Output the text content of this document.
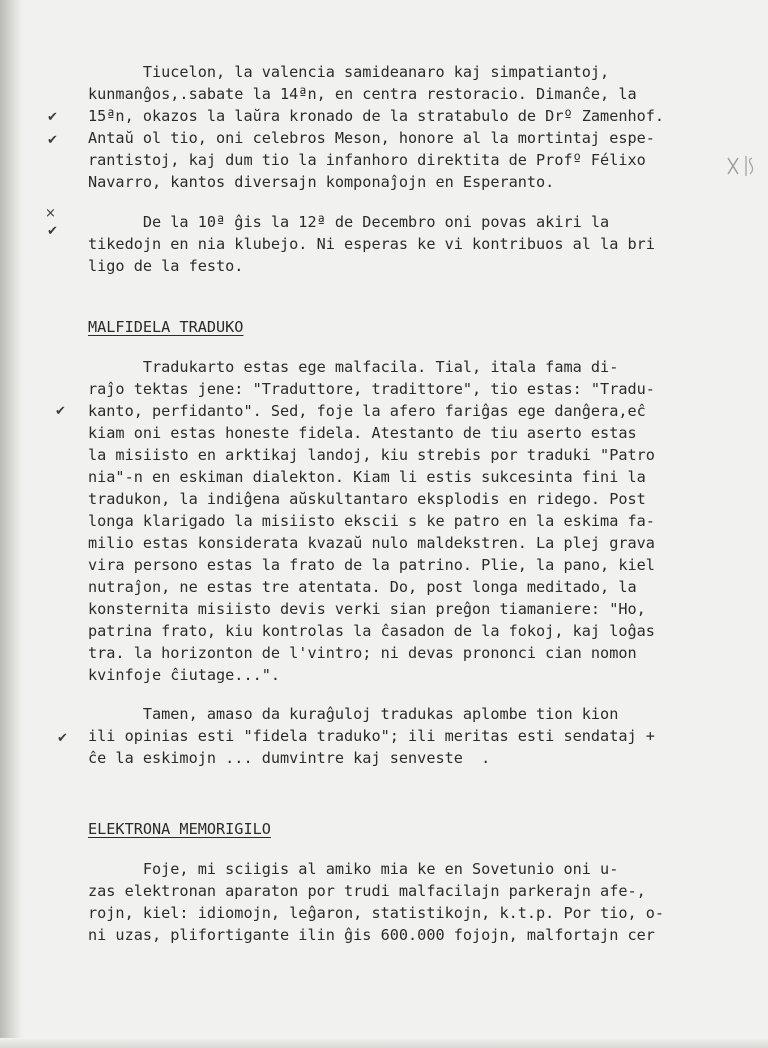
Tiucelon, la valencia samideanaro kaj simpatiantoj,
kunmanĝos,.sabate la 14ªn, en centra restoracio. Dimanĉe, la
15ªn, okazos la laŭra kronado de la stratabulo de Drº Zamenhof.
Antaŭ ol tio, oni celebros Meson, honore al la mortintaj espe-
rantistoj, kaj dum tio la infanhoro direktita de Profº Félixo
Navarro, kantos diversajn komponaĵojn en Esperanto.
De la 10ª ĝis la 12ª de Decembro oni povas akiri la
tikedojn en nia klubejo. Ni esperas ke vi kontribuos al la bri
ligo de la festo.
MALFIDELA TRADUKO
Tradukarto estas ege malfacila. Tial, itala fama di-
raĵo tektas jene: "Traduttore, tradittore", tio estas: "Tradu-
kanto, perfidanto". Sed, foje la afero fariĝas ege danĝera,eĉ
kiam oni estas honeste fidela. Atestanto de tiu aserto estas
la misiisto en arktikaj landoj, kiu strebis por traduki "Patro
nia"-n en eskiman dialekton. Kiam li estis sukcesinta fini la
tradukon, la indiĝena aŭskultantaro eksplodis en ridego. Post
longa klarigado la misiisto ekscii s ke patro en la eskima fa-
milio estas konsiderata kvazaŭ nulo maldekstren. La plej grava
vira persono estas la frato de la patrino. Plie, la pano, kiel
nutraĵon, ne estas tre atentata. Do, post longa meditado, la
konsternita misiisto devis verki sian preĝon tiamaniere: "Ho,
patrina frato, kiu kontrolas la ĉasadon de la fokoj, kaj loĝas
tra. la horizonton de l'vintro; ni devas prononci cian nomon
kvinfoje ĉiutage...".
Tamen, amaso da kuraĝuloj tradukas aplombe tion kion
ili opinias esti "fidela traduko"; ili meritas esti sendataj +
ĉe la eskimojn ... dumvintre kaj senveste  .
ELEKTRONA MEMORIGILO
Foje, mi sciigis al amiko mia ke en Sovetunio oni u-
zas elektronan aparaton por trudi malfacilajn parkerajn afe-,
rojn, kiel: idiomojn, leĝaron, statistikojn, k.t.p. Por tio, o-
ni uzas, plifortigante ilin ĝis 600.000 fojojn, malfortajn cer
✔
✔
×
✔
✔
✔
